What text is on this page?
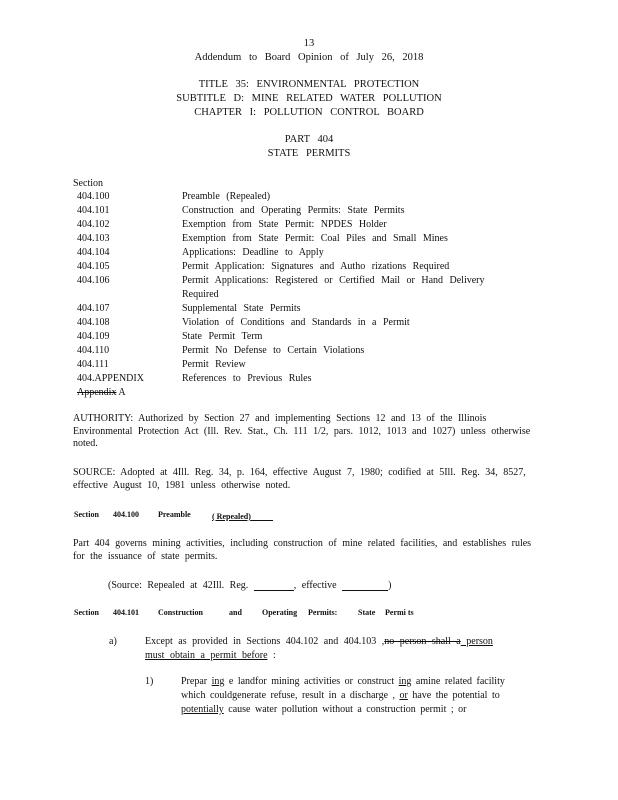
13
Addendum to Board Opinion of July 26, 2018
TITLE 35: ENVIRONMENTAL PROTECTION
SUBTITLE D: MINE RELATED WATER POLLUTION
CHAPTER I: POLLUTION CONTROL BOARD
PART 404
STATE PERMITS
Section
404.100	Preamble (Repealed)
404.101	Construction and Operating Permits: State Permits
404.102	Exemption from State Permit: NPDES Holder
404.103	Exemption from State Permit: Coal Piles and Small Mines
404.104	Applications: Deadline to Apply
404.105	Permit Application: Signatures and Autho rizations Required
404.106	Permit Applications: Registered or Certified Mail or Hand Delivery
Required
404.107	Supplemental State Permits
404.108	Violation of Conditions and Standards in a Permit
404.109	State Permit Term
404.110	Permit No Defense to Certain Violations
404.111	Permit Review
404.APPENDIX	References to Previous Rules
Appendix A
AUTHORITY: Authorized by Section 27 and implementing Sections 12 and 13 of the Illinois Environmental Protection Act (Ill. Rev. Stat., Ch. 111 1/2, pars. 1012, 1013 and 1027) unless otherwise noted.
SOURCE: Adopted at 4Ill. Reg. 34, p. 164, effective August 7, 1980; codified at 5Ill. Reg. 34, 8527, effective August 10, 1981 unless otherwise noted.
Section 404.100 Preamble	( Repealed)
Part 404 governs mining activities, including construction of mine related facilities, and establishes rules for the issuance of state permits.
(Source: Repealed at 42Ill. Reg.	, effective	)
Section 404.101 Construction	and	Operating Permits:	State Permi ts
a)	Except as provided in Sections 404.102 and 404.103 ,no person shall a person
must obtain a permit before :
1)	Prepar ing e landfor mining activities or construct ing amine related facility
which couldgenerate refuse, result in a discharge , or have the potential to
potentially cause water pollution without a construction permit ; or
